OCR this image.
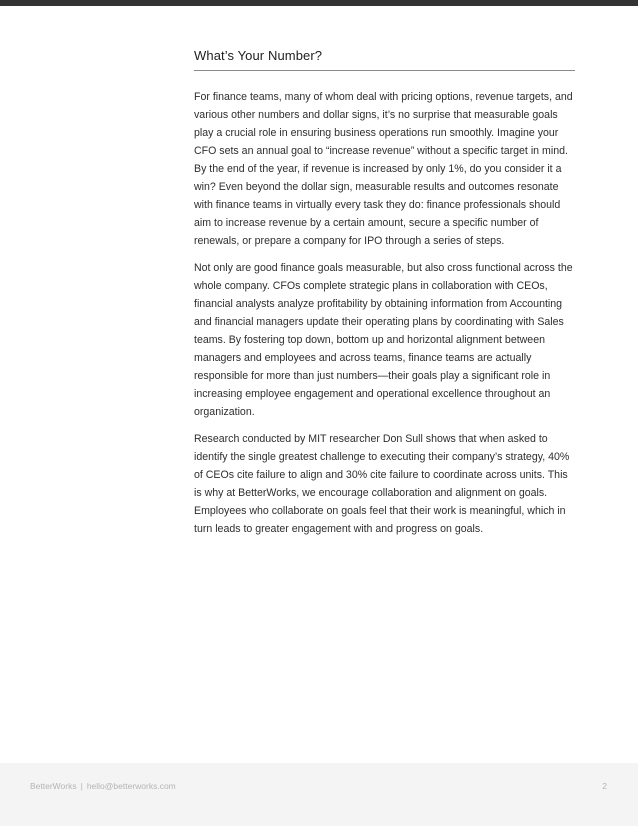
What’s Your Number?

For finance teams, many of whom deal with pricing options, revenue targets, and various other numbers and dollar signs, it’s no surprise that measurable goals play a crucial role in ensuring business operations run smoothly. Imagine your CFO sets an annual goal to “increase revenue” without a specific target in mind. By the end of the year, if revenue is increased by only 1%, do you consider it a win? Even beyond the dollar sign, measurable results and outcomes resonate with finance teams in virtually every task they do: finance professionals should aim to increase revenue by a certain amount, secure a specific number of renewals, or prepare a company for IPO through a series of steps.

Not only are good finance goals measurable, but also cross functional across the whole company. CFOs complete strategic plans in collaboration with CEOs, financial analysts analyze profitability by obtaining information from Accounting and financial managers update their operating plans by coordinating with Sales teams. By fostering top down, bottom up and horizontal alignment between managers and employees and across teams, finance teams are actually responsible for more than just numbers—their goals play a significant role in increasing employee engagement and operational excellence throughout an organization.

Research conducted by MIT researcher Don Sull shows that when asked to identify the single greatest challenge to executing their company’s strategy, 40% of CEOs cite failure to align and 30% cite failure to coordinate across units. This is why at BetterWorks, we encourage collaboration and alignment on goals. Employees who collaborate on goals feel that their work is meaningful, which in turn leads to greater engagement with and progress on goals.

BetterWorks | hello@betterworks.com	2
